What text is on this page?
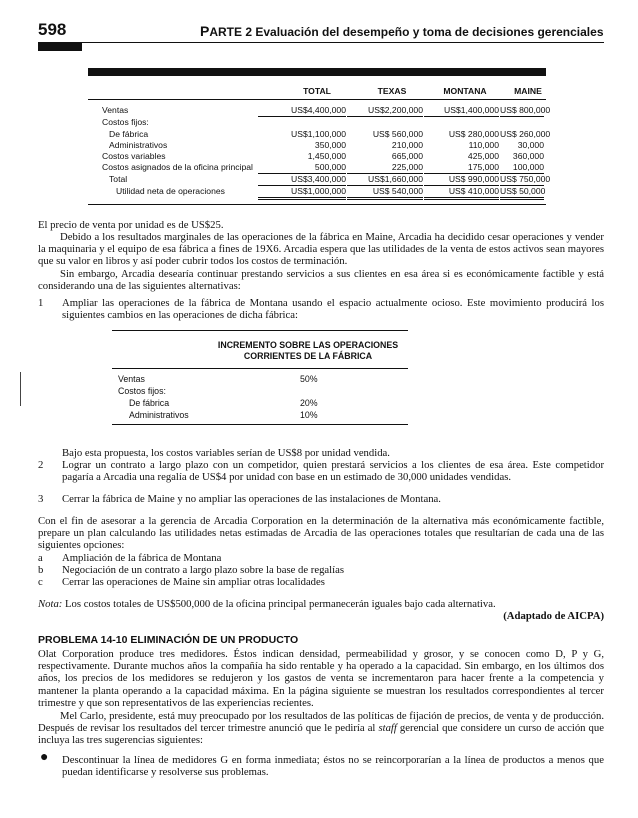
598	PARTE 2 Evaluación del desempeño y toma de decisiones gerenciales
TOTAL	TEXAS	MONTANA	MAINE
Ventas	US$4,400,000	US$2,200,000	US$1,400,000 US$ 800,000
Costos fijos:
De fábrica	US$1,100,000	US$ 560,000	US$ 280,000 US$ 260,000
Administrativos	350,000	210,000	110,000	30,000
Costos variables	1,450,000	665,000	425,000	360,000
Costos asignados de la oficina principal	500,000	225,000	175,000	100,000
Total	US$3,400,000	US$1,660,000	US$ 990,000 US$ 750,000
Utilidad neta de operaciones	US$1,000,000	US$ 540,000	US$ 410,000 US$ 50,000
El precio de venta por unidad es de US$25.
Debido a los resultados marginales de las operaciones de la fábrica en Maine, Arcadia ha decidido cesar operaciones y vender la maquinaria y el equipo de esa fábrica a fines de 19X6. Arcadia espera que las utilidades de la venta de estos activos sean mayores que su valor en libros y así poder cubrir todos los costos de terminación.
Sin embargo, Arcadia desearía continuar prestando servicios a sus clientes en esa área si es económicamente factible y está considerando una de las siguientes alternativas:
1 Ampliar las operaciones de la fábrica de Montana usando el espacio actualmente ocioso. Este movimiento producirá los siguientes cambios en las operaciones de dicha fábrica:
INCREMENTO SOBRE LAS OPERACIONES
CORRIENTES DE LA FÁBRICA
Ventas	50%
Costos fijos:
De fábrica	20%
Administrativos	10%
Bajo esta propuesta, los costos variables serían de US$8 por unidad vendida.
2 Lograr un contrato a largo plazo con un competidor, quien prestará servicios a los clientes de esa área. Este competidor pagaría a Arcadia una regalía de US$4 por unidad con base en un estimado de 30,000 unidades vendidas.
3 Cerrar la fábrica de Maine y no ampliar las operaciones de las instalaciones de Montana.
Con el fin de asesorar a la gerencia de Arcadia Corporation en la determinación de la alternativa más económicamente factible, prepare un plan calculando las utilidades netas estimadas de Arcadia de las operaciones totales que resultarían de cada una de las siguientes opciones:
a Ampliación de la fábrica de Montana
b Negociación de un contrato a largo plazo sobre la base de regalías
c Cerrar las operaciones de Maine sin ampliar otras localidades
Nota: Los costos totales de US$500,000 de la oficina principal permanecerán iguales bajo cada alternativa.
(Adaptado de AICPA)
PROBLEMA 14-10 ELIMINACIÓN DE UN PRODUCTO
Olat Corporation produce tres medidores. Éstos indican densidad, permeabilidad y grosor, y se conocen como D, P y G, respectivamente. Durante muchos años la compañía ha sido rentable y ha operado a la capacidad. Sin embargo, en los últimos dos años, los precios de los medidores se redujeron y los gastos de venta se incrementaron para hacer frente a la competencia y mantener la planta operando a la capacidad máxima. En la página siguiente se muestran los resultados correspondientes al tercer trimestre y que son representativos de las experiencias recientes.
Mel Carlo, presidente, está muy preocupado por los resultados de las políticas de fijación de precios, de venta y de producción. Después de revisar los resultados del tercer trimestre anunció que le pediría al staff gerencial que considere un curso de acción que incluya las tres sugerencias siguientes:
● Descontinuar la línea de medidores G en forma inmediata; éstos no se reincorporarían a la línea de productos a menos que puedan identificarse y resolverse sus problemas.
